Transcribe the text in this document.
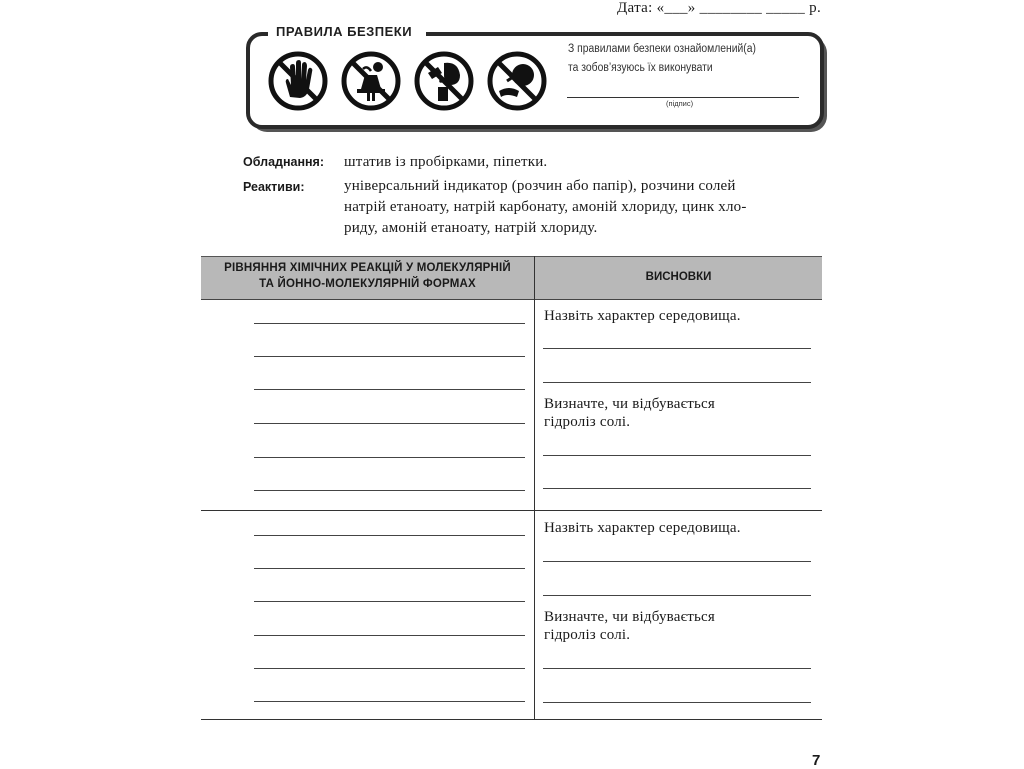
Дата: «___» ________ _____ р.
ПРАВИЛА БЕЗПЕКИ
З правилами безпеки ознайомлений(а)
та зобов’язуюсь їх виконувати
(підпис)
Обладнання: штатив із пробірками, піпетки.
Реактиви:	універсальний індикатор (розчин або папір), розчини солей
натрій етаноату, натрій карбонату, амоній хлориду, цинк хло-
риду, амоній етаноату, натрій хлориду.
РІВНЯННЯ ХІМІЧНИХ РЕАКЦІЙ У МОЛЕКУЛЯРНІЙ
ТА ЙОННО-МОЛЕКУЛЯРНІЙ ФОРМАХ
ВИСНОВКИ
Назвіть характер середовища.
Визначте, чи відбувається
гідроліз солі.
Назвіть характер середовища.
Визначте, чи відбувається
гідроліз солі.
7
